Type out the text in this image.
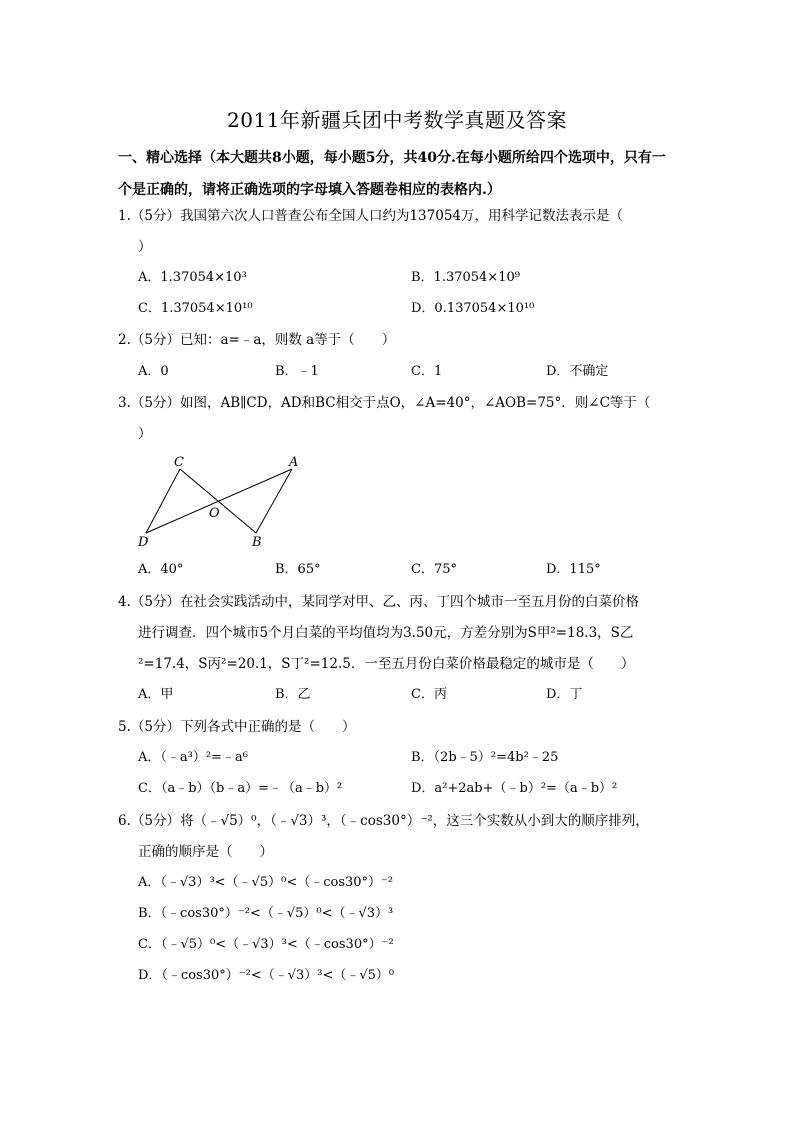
2011年新疆兵团中考数学真题及答案
一、精心选择（本大题共8小题，每小题5分，共40分.在每小题所给四个选项中，只有一个是正确的，请将正确选项的字母填入答题卷相应的表格内.）
1.（5分）我国第六次人口普查公布全国人口约为137054万，用科学记数法表示是（
）
A．1.37054×10³	B．1.37054×10⁹
C．1.37054×10¹⁰	D．0.137054×10¹⁰
2.（5分）已知：a=﹣a，则数 a等于（　　）
A．0	B．﹣1	C．1	D．不确定
3.（5分）如图，AB∥CD，AD和BC相交于点O，∠A=40°，∠AOB=75°．则∠C等于（
）
C	A
O
D	B
A．40°	B．65°	C．75°	D．115°
4.（5分）在社会实践活动中，某同学对甲、乙、丙、丁四个城市一至五月份的白菜价格
进行调查．四个城市5个月白菜的平均值均为3.50元，方差分别为S甲²=18.3，S乙
²=17.4，S丙²=20.1，S丁²=12.5．一至五月份白菜价格最稳定的城市是（　　）
A．甲	B．乙	C．丙	D．丁
5.（5分）下列各式中正确的是（　　）
A．（﹣a³）²=﹣a⁶	B．（2b﹣5）²=4b²﹣25
C．（a﹣b）（b﹣a）=﹣（a﹣b）²	D．a²+2ab+（﹣b）²=（a﹣b）²
6.（5分）将（﹣√5）⁰，（﹣√3）³，（﹣cos30°）⁻²，这三个实数从小到大的顺序排列，
正确的顺序是（　　）
A．（﹣√3）³<（﹣√5）⁰<（﹣cos30°）⁻²
B．（﹣cos30°）⁻²<（﹣√5）⁰<（﹣√3）³
C．（﹣√5）⁰<（﹣√3）³<（﹣cos30°）⁻²
D．（﹣cos30°）⁻²<（﹣√3）³<（﹣√5）⁰
